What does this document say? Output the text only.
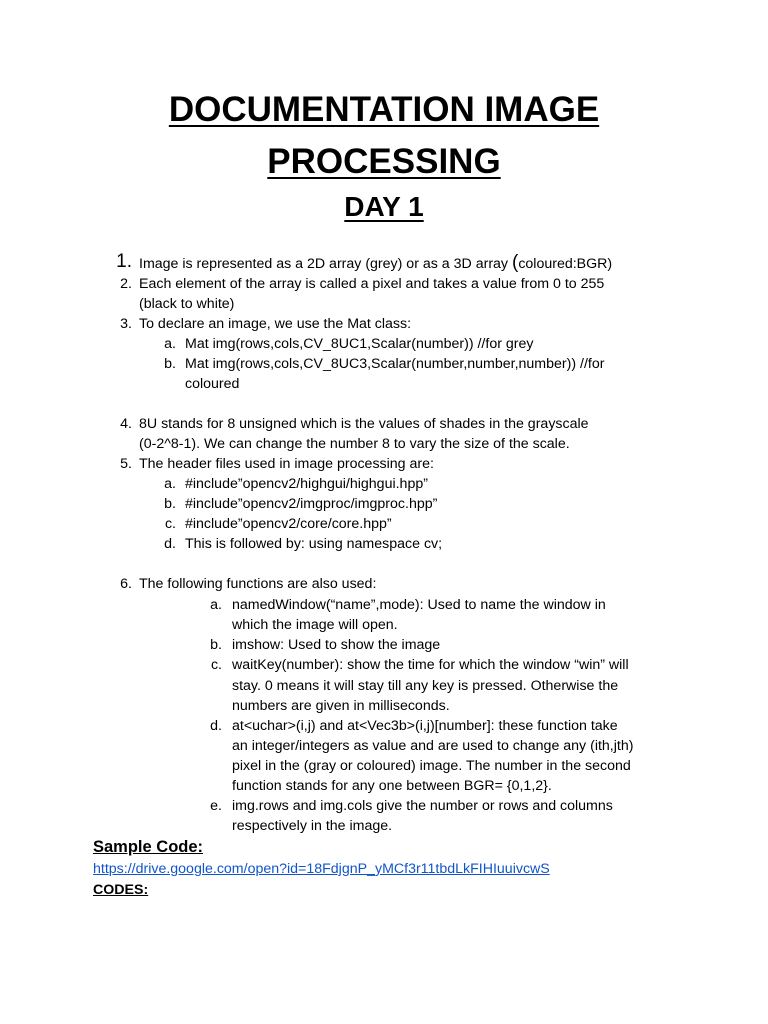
DOCUMENTATION IMAGE
PROCESSING
DAY 1
1. Image is represented as a 2D array (grey) or as a 3D array (coloured:BGR)
2. Each element of the array is called a pixel and takes a value from 0 to 255
(black to white)
3. To declare an image, we use the Mat class:
a. Mat img(rows,cols,CV_8UC1,Scalar(number)) //for grey
b. Mat img(rows,cols,CV_8UC3,Scalar(number,number,number)) //for
coloured
4. 8U stands for 8 unsigned which is the values of shades in the grayscale
(0-2^8-1). We can change the number 8 to vary the size of the scale.
5. The header files used in image processing are:
a. #include”opencv2/highgui/highgui.hpp”
b. #include”opencv2/imgproc/imgproc.hpp”
c. #include”opencv2/core/core.hpp”
d. This is followed by: using namespace cv;
6. The following functions are also used:
a. namedWindow(“name”,mode): Used to name the window in
which the image will open.
b. imshow: Used to show the image
c. waitKey(number): show the time for which the window “win” will
stay. 0 means it will stay till any key is pressed. Otherwise the
numbers are given in milliseconds.
d. at<uchar>(i,j) and at<Vec3b>(i,j)[number]: these function take
an integer/integers as value and are used to change any (ith,jth)
pixel in the (gray or coloured) image. The number in the second
function stands for any one between BGR= {0,1,2}.
e. img.rows and img.cols give the number or rows and columns
respectively in the image.
Sample Code:
https://drive.google.com/open?id=18FdjgnP_yMCf3r11tbdLkFIHIuuivcwS
CODES:
